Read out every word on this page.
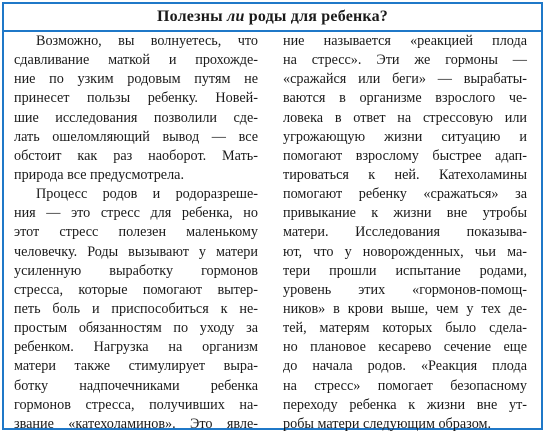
Полезны ли роды для ребенка?
Возможно, вы волнуетесь, что
сдавливание маткой и прохожде-
ние по узким родовым путям не
принесет пользы ребенку. Новей-
шие исследования позволили сде-
лать ошеломляющий вывод — все
обстоит как раз наоборот. Мать-
природа все предусмотрела.
Процесс родов и родоразреше-
ния — это стресс для ребенка, но
этот стресс полезен маленькому
человечку. Роды вызывают у матери
усиленную выработку гормонов
стресса, которые помогают вытер-
петь боль и приспособиться к не-
простым обязанностям по уходу за
ребенком. Нагрузка на организм
матери также стимулирует выра-
ботку надпочечниками ребенка
гормонов стресса, получивших на-
звание «катехоламинов». Это явле-
ние называется «реакцией плода
на стресс». Эти же гормоны —
«сражайся или беги» — вырабаты-
ваются в организме взрослого че-
ловека в ответ на стрессовую или
угрожающую жизни ситуацию и
помогают взрослому быстрее адап-
тироваться к ней. Катехоламины
помогают ребенку «сражаться» за
привыкание к жизни вне утробы
матери. Исследования показыва-
ют, что у новорожденных, чьи ма-
тери прошли испытание родами,
уровень этих «гормонов-помощ-
ников» в крови выше, чем у тех де-
тей, матерям которых было сдела-
но плановое кесарево сечение еще
до начала родов. «Реакция плода
на стресс» помогает безопасному
переходу ребенка к жизни вне ут-
робы матери следующим образом.
